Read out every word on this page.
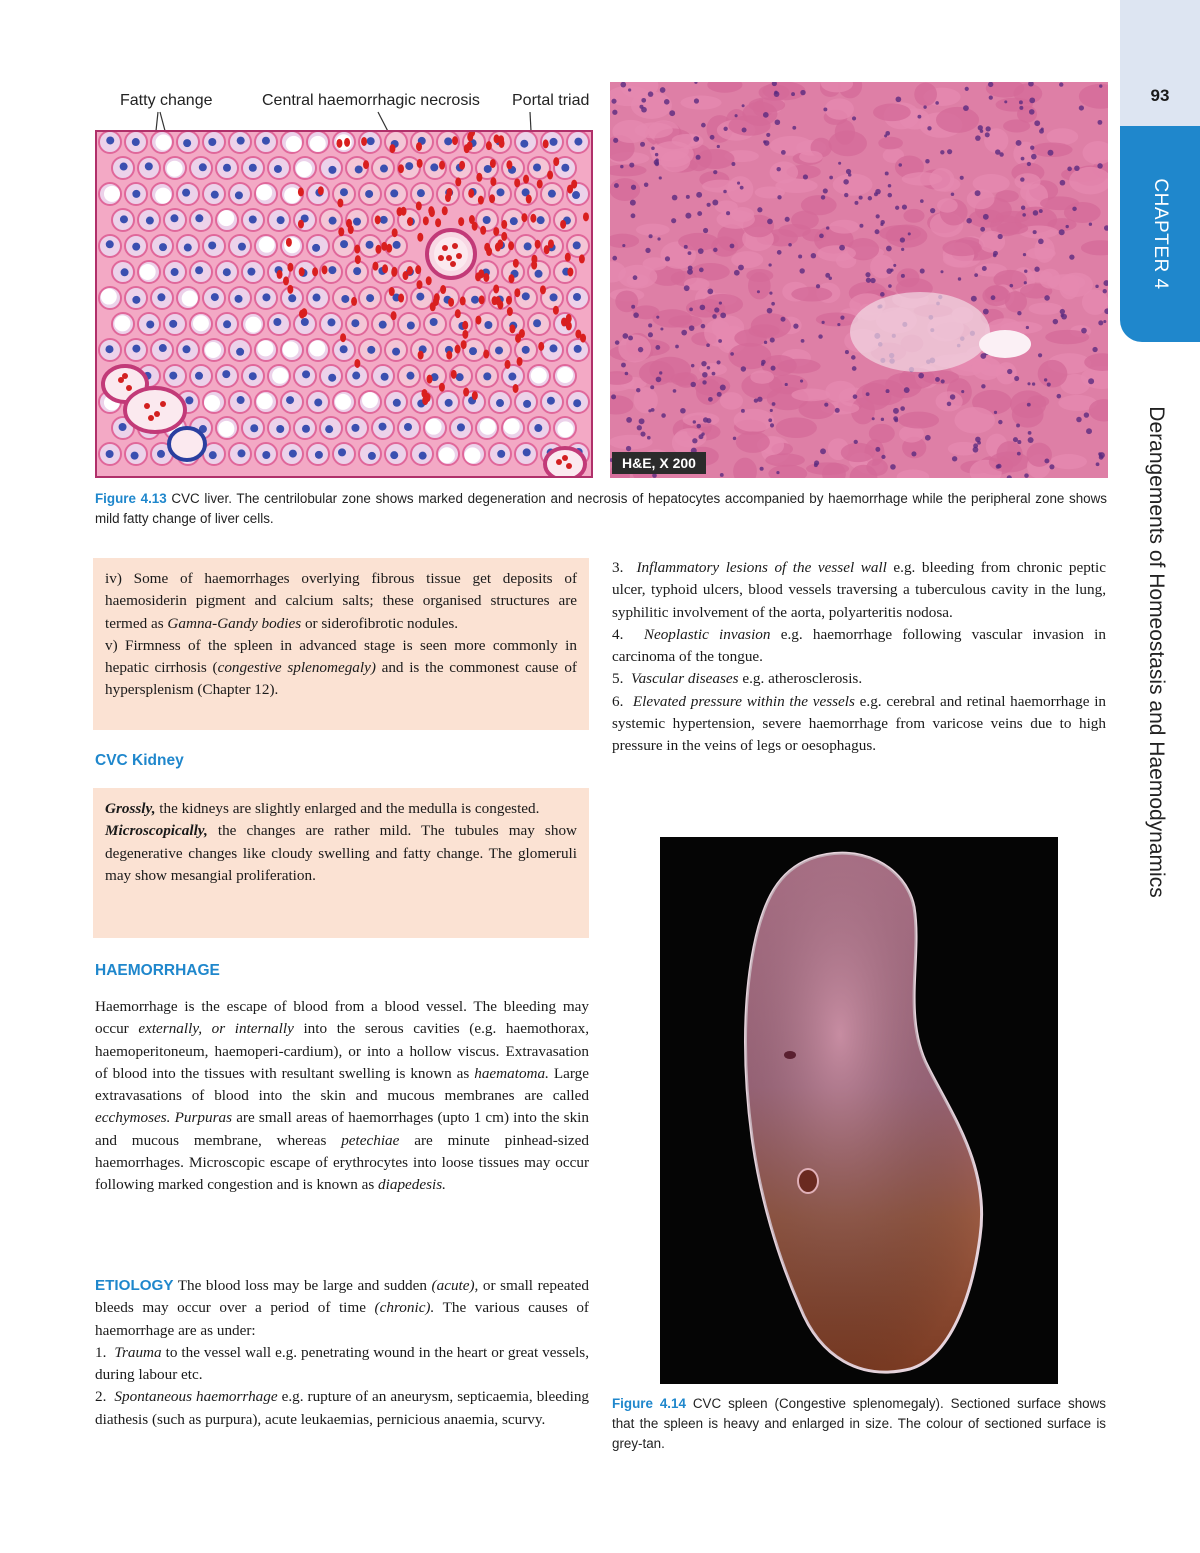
93
CHAPTER 4
Derangements of Homeostasis and Haemodynamics
Fatty change	Central haemorrhagic necrosis Portal triad
H&E, X 200
Figure 4.13 CVC liver. The centrilobular zone shows marked degeneration and necrosis of hepatocytes accompanied by haemorrhage while the peripheral zone shows mild fatty change of liver cells.

iv) Some of haemorrhages overlying fibrous tissue get deposits of haemosiderin pigment and calcium salts; these organised structures are termed as Gamna-Gandy bodies or siderofibrotic nodules.

v) Firmness of the spleen in advanced stage is seen more commonly in hepatic cirrhosis (congestive splenomegaly) and is the commonest cause of hypersplenism (Chapter 12).

CVC Kidney

Grossly, the kidneys are slightly enlarged and the medulla is congested.

Microscopically, the changes are rather mild. The tubules may show degenerative changes like cloudy swelling and fatty change. The glomeruli may show mesangial proliferation.

HAEMORRHAGE

Haemorrhage is the escape of blood from a blood vessel. The bleeding may occur externally, or internally into the serous cavities (e.g. haemothorax, haemoperitoneum, haemoperi-cardium), or into a hollow viscus. Extravasation of blood into the tissues with resultant swelling is known as haematoma. Large extravasations of blood into the skin and mucous membranes are called ecchymoses. Purpuras are small areas of haemorrhages (upto 1 cm) into the skin and mucous membrane, whereas petechiae are minute pinhead-sized haemorrhages. Microscopic escape of erythrocytes into loose tissues may occur following marked congestion and is known as diapedesis.

ETIOLOGY The blood loss may be large and sudden (acute), or small repeated bleeds may occur over a period of time (chronic). The various causes of haemorrhage are as under:

1. Trauma to the vessel wall e.g. penetrating wound in the heart or great vessels, during labour etc.

2. Spontaneous haemorrhage e.g. rupture of an aneurysm, septicaemia, bleeding diathesis (such as purpura), acute leukaemias, pernicious anaemia, scurvy.

3. Inflammatory lesions of the vessel wall e.g. bleeding from chronic peptic ulcer, typhoid ulcers, blood vessels traversing a tuberculous cavity in the lung, syphilitic involvement of the aorta, polyarteritis nodosa.

4. Neoplastic invasion e.g. haemorrhage following vascular invasion in carcinoma of the tongue.

5. Vascular diseases e.g. atherosclerosis.

6. Elevated pressure within the vessels e.g. cerebral and retinal haemorrhage in systemic hypertension, severe haemorrhage from varicose veins due to high pressure in the veins of legs or oesophagus.

Figure 4.14 CVC spleen (Congestive splenomegaly). Sectioned surface shows that the spleen is heavy and enlarged in size. The colour of sectioned surface is grey-tan.
